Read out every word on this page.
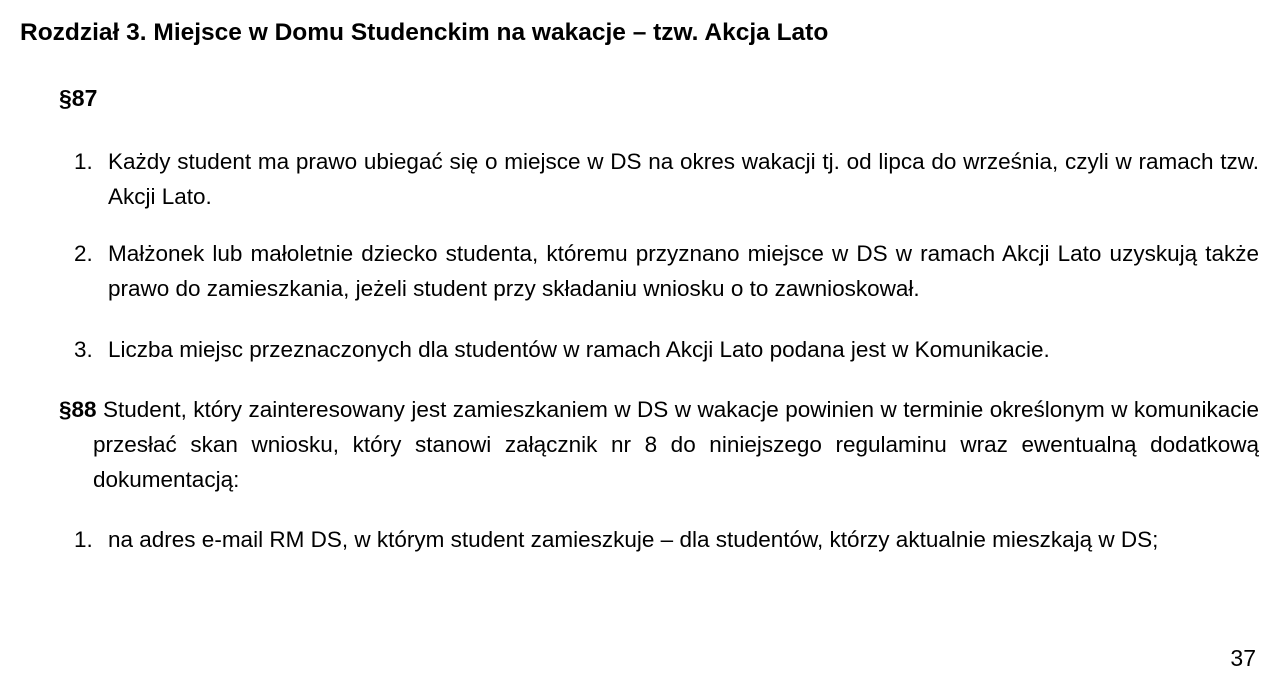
Rozdział 3. Miejsce w Domu Studenckim na wakacje – tzw. Akcja Lato
§87
1. Każdy student ma prawo ubiegać się o miejsce w DS na okres wakacji tj. od lipca do września, czyli w ramach tzw. Akcji Lato.
2. Małżonek lub małoletnie dziecko studenta, któremu przyznano miejsce w DS w ramach Akcji Lato uzyskują także prawo do zamieszkania, jeżeli student przy składaniu wniosku o to zawnioskował.
3. Liczba miejsc przeznaczonych dla studentów w ramach Akcji Lato podana jest w Komunikacie.
§88 Student, który zainteresowany jest zamieszkaniem w DS w wakacje powinien w terminie określonym w komunikacie przesłać skan wniosku, który stanowi załącznik nr 8 do niniejszego regulaminu wraz ewentualną dodatkową dokumentacją:
1. na adres e-mail RM DS, w którym student zamieszkuje – dla studentów, którzy aktualnie mieszkają w DS;
37
